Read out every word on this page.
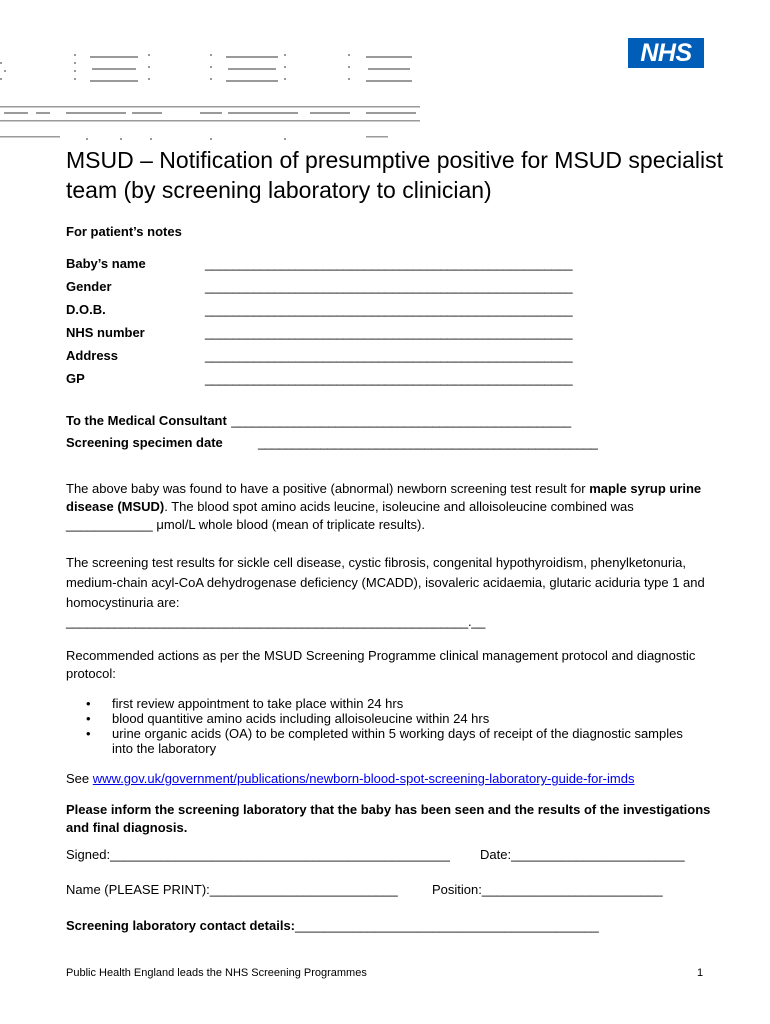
NHS
MSUD – Notification of presumptive positive for MSUD specialist team (by screening laboratory to clinician)
For patient’s notes
Baby’s name	_____________________________________________________
Gender	_____________________________________________________
D.O.B.	_____________________________________________________
NHS number	_____________________________________________________
Address	_____________________________________________________
GP	_____________________________________________________
To the Medical Consultant _________________________________________________
Screening specimen date	_________________________________________________
The above baby was found to have a positive (abnormal) newborn screening test result for maple syrup urine disease (MSUD). The blood spot amino acids leucine, isoleucine and alloisoleucine combined was ____________ μmol/L whole blood (mean of triplicate results).
The screening test results for sickle cell disease, cystic fibrosis, congenital hypothyroidism, phenylketonuria, medium-chain acyl-CoA dehydrogenase deficiency (MCADD), isovaleric acidaemia, glutaric aciduria type 1 and homocystinuria are:
__________________________________________________________.__
Recommended actions as per the MSUD Screening Programme clinical management protocol and diagnostic protocol:
• first review appointment to take place within 24 hrs
• blood quantitive amino acids including alloisoleucine within 24 hrs
• urine organic acids (OA) to be completed within 5 working days of receipt of the diagnostic samples into the laboratory
See www.gov.uk/government/publications/newborn-blood-spot-screening-laboratory-guide-for-imds
Please inform the screening laboratory that the baby has been seen and the results of the investigations and final diagnosis.
Signed:_______________________________________________ Date:________________________
Name (PLEASE PRINT):__________________________	Position:_________________________
Screening laboratory contact details:__________________________________________
Public Health England leads the NHS Screening Programmes	1
